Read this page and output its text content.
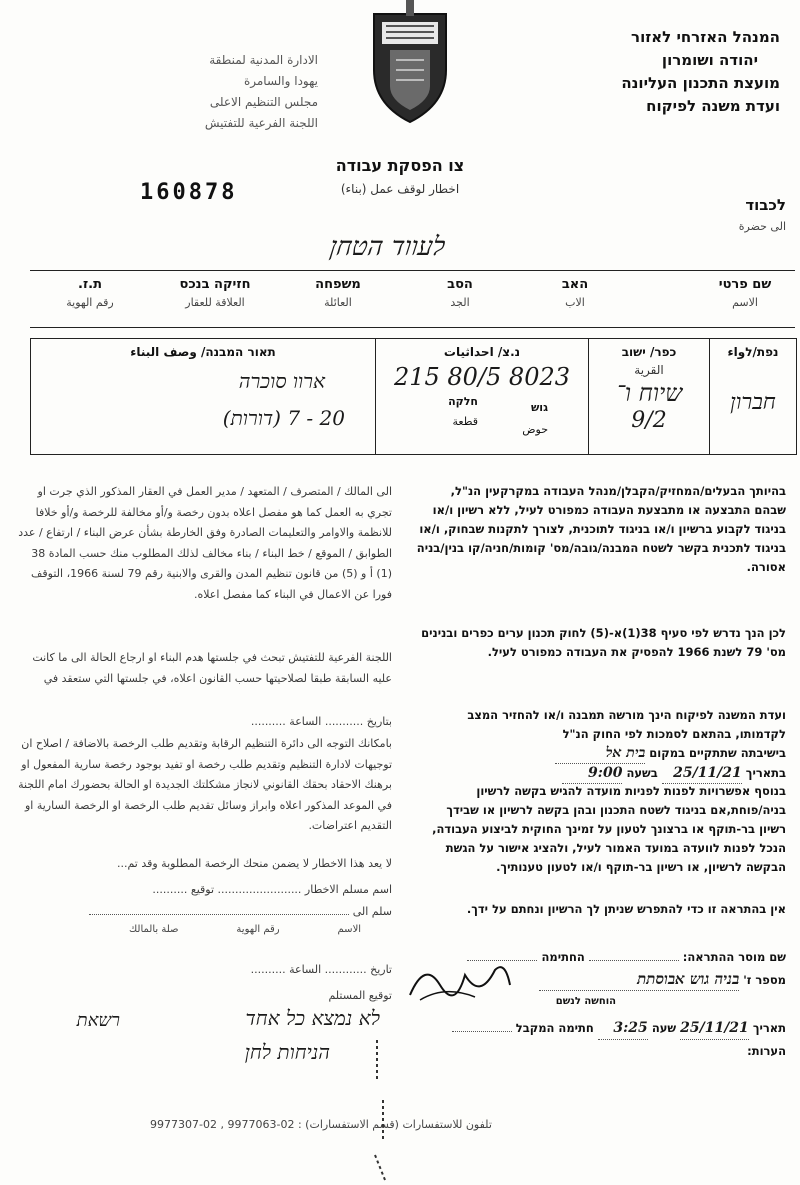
המנהל האזרחי לאזור
יהודה ושומרון
מועצת התכנון העליונה
ועדת משנה לפיקוח
الادارة المدنية لمنطقة
يهودا والسامرة
مجلس التنظيم الاعلى
اللجنة الفرعية للتفتيش
צו הפסקת עבודה
اخطار لوقف عمل (بناء)
160878	לכבוד
الى حضرة
לעווד הטחן
שם פרטי
الاسم
האב
الاب
הסב
الجد
משפחה
العائلة
חזיקה בנכס
العلاقة للعقار
ת.ז.
رقم الهوية
נפת/לواء
חברון
כפר/ ישוב
القرية
שיוח ו־
9/2
נ.צ/ احداثيات
215 80/5 8023
גוש
חלקה
حوض
قطعة
תאור המבנה/ وصف البناء
ארוו סוכרה
20 - 7 (דורות)
בהיותך הבעלים/המחזיק/הקבלן/מנהל העבודה במקרקעין הנ"ל, שבהם התבצעה או מתבצעת העבודה כמפורט לעיל, ללא רשיון ו/או בניגוד לקבוע ברשיון ו/או בניגוד לתוכנית, לצורך לתקנות שבחוק, ו/או בניגוד לתכנית בקשר לשטח המבנה/גובה/מס' קומות/חניה/קו בנין/בניה אסורה.
לכן הנך נדרש לפי סעיף 38(1)א-(5) לחוק תכנון ערים כפרים ובנינים מס' 79 לשנת 1966 להפסיק את העבודה כמפורט לעיל.
ועדת המשנה לפיקוח הינך מורשה תמבנה ו/או להחזיר המצב לקדמותו, בהתאם לסמכות לפי החוק הנ"ל
בישיבתה שתתקיים במקום בית אל
בתאריך 25/11/21 בשעה 9:00
בנוסף אפשרויות לפנות לפניות מועדה להגיש בקשה לרשיון בניה/פוחת,אם בניגוד לשטח התכנון ובהן בקשה לרשיון או שבידך רשיון בר-תוקף או ברצונך לטעון על זמינך החוקית לביצוע העבודה, הנכל לפנות לוועדה במועד האמור לעיל, ולהציג אישור על הגשת הבקשה לרשיון, או רשיון בר-תוקף ו/או לטעון טענותיך.
אין בהתראה זו כדי להתפרש שניתן לך הרשיון ונחתם על ידך.
שם מוסר ההתראה:  החתימה
מספר ז' בניה גוש אבוסתת
הוחשה לנשם
תאריך 25/11/21 שעה 3:25 חתימה המקבל
הערות:
الى المالك / المتصرف / المتعهد / مدير العمل في العقار المذكور الذي جرت او تجري به العمل كما هو مفصل اعلاه بدون رخصة و/أو مخالفة للرخصة و/أو خلافا للانظمة والاوامر والتعليمات الصادرة وفق الخارطة بشأن عرض البناء / ارتفاع / عدد الطوابق / الموقع / خط البناء / بناء مخالف لذلك المطلوب منك حسب المادة 38 (1) أ و (5) من قانون تنظيم المدن والقرى والابنية رقم 79 لسنة 1966، التوقف فورا عن الاعمال في البناء كما مفصل اعلاه.
اللجنة الفرعية للتفتيش تبحث في جلستها هدم البناء او ارجاع الحالة الى ما كانت عليه السابقة طبقا لصلاحيتها حسب القانون اعلاه، في جلستها التي ستعقد في
بتاريخ ........... الساعة ..........
بامكانك التوجه الى دائرة التنظيم الرقابة وتقديم طلب الرخصة بالاضافة / اصلاح ان توجيهات لادارة التنظيم وتقديم طلب رخصة او تفيد بوجود رخصة سارية المفعول او برهنك الاحقاد بحقك القانوني لانجاز مشكلتك الجديدة او الحالة بحضورك امام اللجنة في الموعد المذكور اعلاه وابراز وسائل تقديم طلب الرخصة او الرخصة السارية او التقديم اعتراضات.
لا يعد هذا الاخطار لا يضمن منحك الرخصة المطلوبة وقد تم...
اسم مسلم الاخطار ........................ توقيع ..........
سلم الى
الاسم
رقم الهوية
صلة بالمالك
تاريخ ............ الساعة ..........
توقيع المستلم
לא נמצא כל אחד
רשאת
הניחות לחן
تلفون للاستفسارات (قسم الاستفسارات) : 02-9977063 , 02-9977307
